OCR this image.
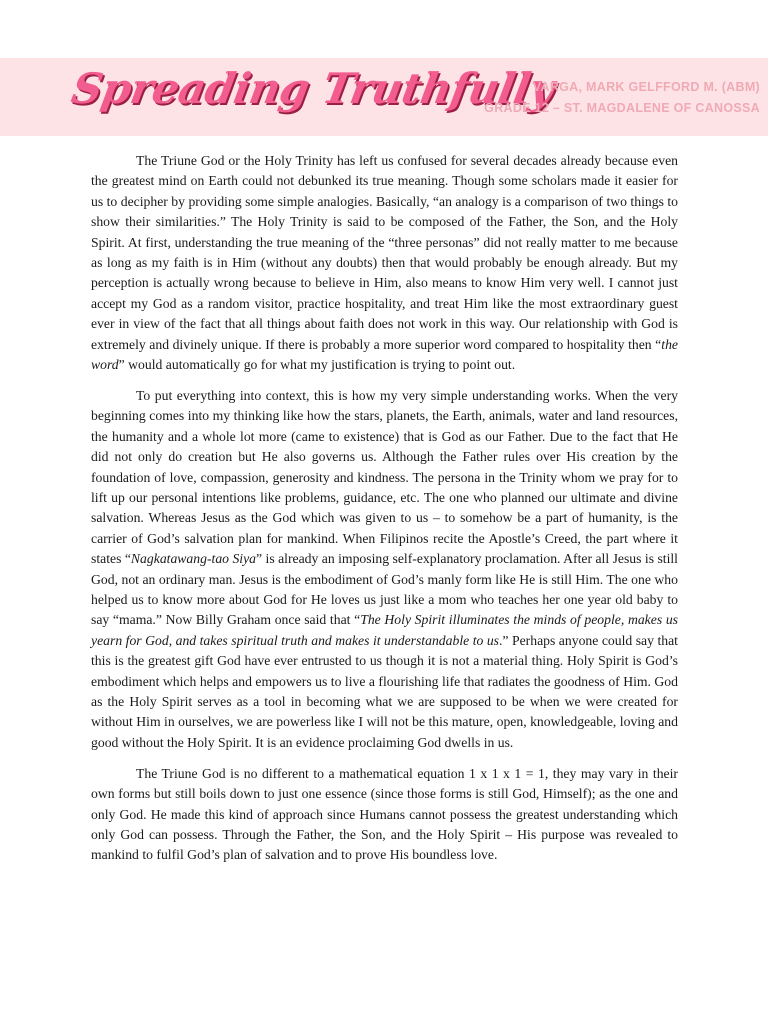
Spreading Truthfully
VARGA, MARK GELFFORD M. (ABM)
GRADE 12 – ST. MAGDALENE OF CANOSSA

The Triune God or the Holy Trinity has left us confused for several decades already because even the greatest mind on Earth could not debunked its true meaning. Though some scholars made it easier for us to decipher by providing some simple analogies. Basically, “an analogy is a comparison of two things to show their similarities.” The Holy Trinity is said to be composed of the Father, the Son, and the Holy Spirit. At first, understanding the true meaning of the “three personas” did not really matter to me because as long as my faith is in Him (without any doubts) then that would probably be enough already. But my perception is actually wrong because to believe in Him, also means to know Him very well. I cannot just accept my God as a random visitor, practice hospitality, and treat Him like the most extraordinary guest ever in view of the fact that all things about faith does not work in this way. Our relationship with God is extremely and divinely unique. If there is probably a more superior word compared to hospitality then “the word” would automatically go for what my justification is trying to point out.

To put everything into context, this is how my very simple understanding works. When the very beginning comes into my thinking like how the stars, planets, the Earth, animals, water and land resources, the humanity and a whole lot more (came to existence) that is God as our Father. Due to the fact that He did not only do creation but He also governs us. Although the Father rules over His creation by the foundation of love, compassion, generosity and kindness. The persona in the Trinity whom we pray for to lift up our personal intentions like problems, guidance, etc. The one who planned our ultimate and divine salvation. Whereas Jesus as the God which was given to us – to somehow be a part of humanity, is the carrier of God’s salvation plan for mankind. When Filipinos recite the Apostle’s Creed, the part where it states “Nagkatawang-tao Siya” is already an imposing self-explanatory proclamation. After all Jesus is still God, not an ordinary man. Jesus is the embodiment of God’s manly form like He is still Him. The one who helped us to know more about God for He loves us just like a mom who teaches her one year old baby to say “mama.” Now Billy Graham once said that “The Holy Spirit illuminates the minds of people, makes us yearn for God, and takes spiritual truth and makes it understandable to us.” Perhaps anyone could say that this is the greatest gift God have ever entrusted to us though it is not a material thing. Holy Spirit is God’s embodiment which helps and empowers us to live a flourishing life that radiates the goodness of Him. God as the Holy Spirit serves as a tool in becoming what we are supposed to be when we were created for without Him in ourselves, we are powerless like I will not be this mature, open, knowledgeable, loving and good without the Holy Spirit. It is an evidence proclaiming God dwells in us.

The Triune God is no different to a mathematical equation 1 x 1 x 1 = 1, they may vary in their own forms but still boils down to just one essence (since those forms is still God, Himself); as the one and only God. He made this kind of approach since Humans cannot possess the greatest understanding which only God can possess. Through the Father, the Son, and the Holy Spirit – His purpose was revealed to mankind to fulfil God’s plan of salvation and to prove His boundless love.
